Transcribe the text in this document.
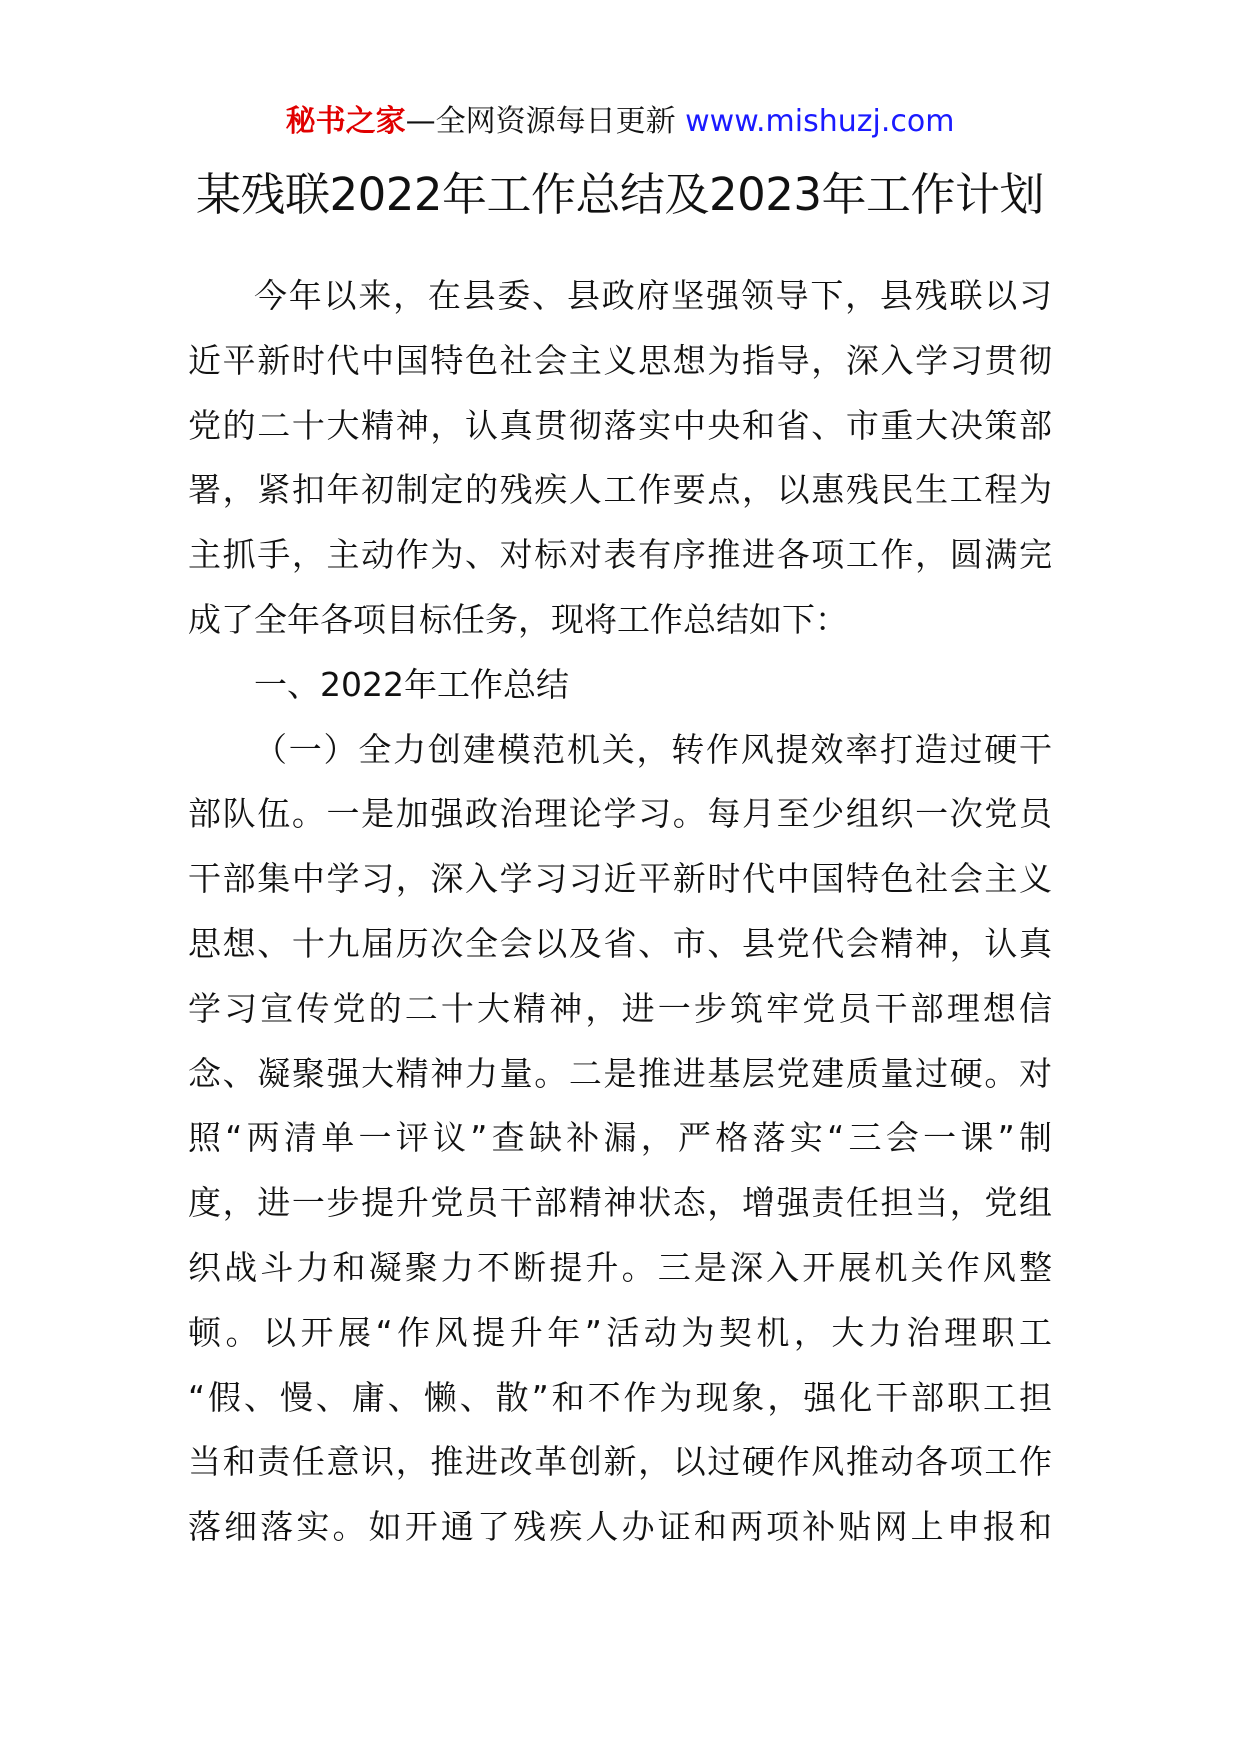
秘书之家—全网资源每日更新 www.mishuzj.com
某残联2022年工作总结及2023年工作计划
今年以来，在县委、县政府坚强领导下，县残联以习
近平新时代中国特色社会主义思想为指导，深入学习贯彻
党的二十大精神，认真贯彻落实中央和省、市重大决策部
署，紧扣年初制定的残疾人工作要点，以惠残民生工程为
主抓手，主动作为、对标对表有序推进各项工作，圆满完
成了全年各项目标任务，现将工作总结如下：
一、2022年工作总结
（一）全力创建模范机关，转作风提效率打造过硬干
部队伍。一是加强政治理论学习。每月至少组织一次党员
干部集中学习，深入学习习近平新时代中国特色社会主义
思想、十九届历次全会以及省、市、县党代会精神，认真
学习宣传党的二十大精神，进一步筑牢党员干部理想信
念、凝聚强大精神力量。二是推进基层党建质量过硬。对
照“两清单一评议”查缺补漏，严格落实“三会一课”制
度，进一步提升党员干部精神状态，增强责任担当，党组
织战斗力和凝聚力不断提升。三是深入开展机关作风整
顿。以开展“作风提升年”活动为契机，大力治理职工
“假、慢、庸、懒、散”和不作为现象，强化干部职工担
当和责任意识，推进改革创新，以过硬作风推动各项工作
落细落实。如开通了残疾人办证和两项补贴网上申报和
